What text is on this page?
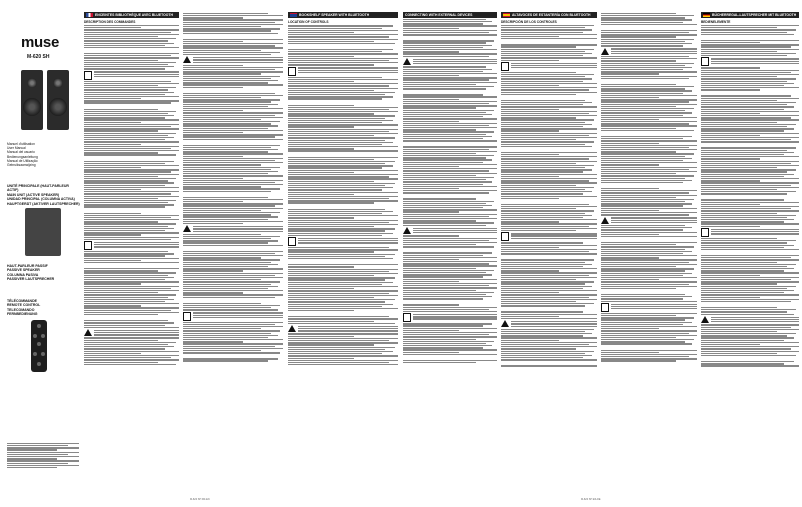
muse
M-620 SH
Manuel d'utilisation
User Manual
Manual del usuario
Bedienungsanleitung
Manual de Utilização
Gebruiksaanwijzing
UNITÉ PRINCIPALE (HAUT-PARLEUR ACTIF)
MAIN UNIT (ACTIVE SPEAKER)
UNIDAD PRINCIPAL (COLUMNA ACTIVA)
HAUPTGERÄT (AKTIVER LAUTSPRECHER)
HAUT-PARLEUR PASSIF
PASSIVE SPEAKER
COLUMNA PASIVA
PASSIVER LAUTSPRECHER
TÉLÉCOMMANDE
REMOTE CONTROL
TELECOMANDO
FERNBEDIENUNG
ENCEINTES BIBLIOTHÈQUE AVEC BLUETOOTH
DESCRIPTION DES COMMANDES
BOOKSHELF SPEAKER WITH BLUETOOTH
LOCATION OF CONTROLS
M-620 SH FR-EN
CONNECTING WITH EXTERNAL DEVICES	ALTAVOCES DE ESTANTERÍA CON BLUETOOTH
DESCRIPCIÓN DE LOS CONTROLES
BÜCHERREGAL-LAUTSPRECHER MIT BLUETOOTH
BEDIENELEMENTE
M-620 SH ES-DE
